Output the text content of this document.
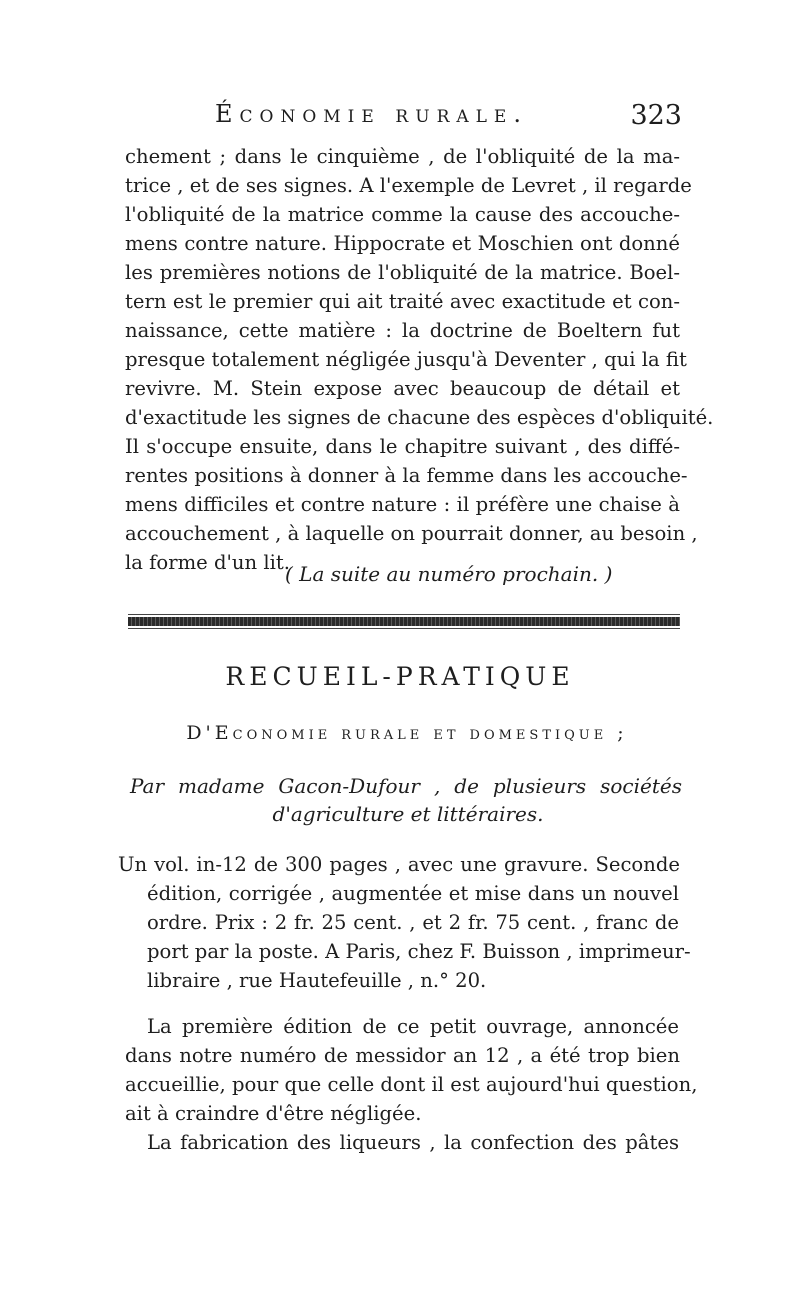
Économie rurale.	323
chement ; dans le cinquième , de l'obliquité de la ma-
trice , et de ses signes. A l'exemple de Levret , il regarde
l'obliquité de la matrice comme la cause des accouche-
mens contre nature. Hippocrate et Moschien ont donné
les premières notions de l'obliquité de la matrice. Boel-
tern est le premier qui ait traité avec exactitude et con-
naissance, cette matière : la doctrine de Boeltern fut
presque totalement négligée jusqu'à Deventer , qui la fit
revivre. M. Stein expose avec beaucoup de détail et
d'exactitude les signes de chacune des espèces d'obliquité.
Il s'occupe ensuite, dans le chapitre suivant , des diffé-
rentes positions à donner à la femme dans les accouche-
mens difficiles et contre nature : il préfère une chaise à
accouchement , à laquelle on pourrait donner, au besoin ,
la forme d'un lit.
( La suite au numéro prochain. )
RECUEIL-PRATIQUE
D'Economie rurale et domestique ;
Par madame Gacon-Dufour , de plusieurs sociétés
d'agriculture et littéraires.
Un vol. in-12 de 300 pages , avec une gravure. Seconde
édition, corrigée , augmentée et mise dans un nouvel
ordre. Prix : 2 fr. 25 cent. , et 2 fr. 75 cent. , franc de
port par la poste. A Paris, chez F. Buisson , imprimeur-
libraire , rue Hautefeuille , n.° 20.
La première édition de ce petit ouvrage, annoncée
dans notre numéro de messidor an 12 , a été trop bien
accueillie, pour que celle dont il est aujourd'hui question,
ait à craindre d'être négligée.
La fabrication des liqueurs , la confection des pâtes
